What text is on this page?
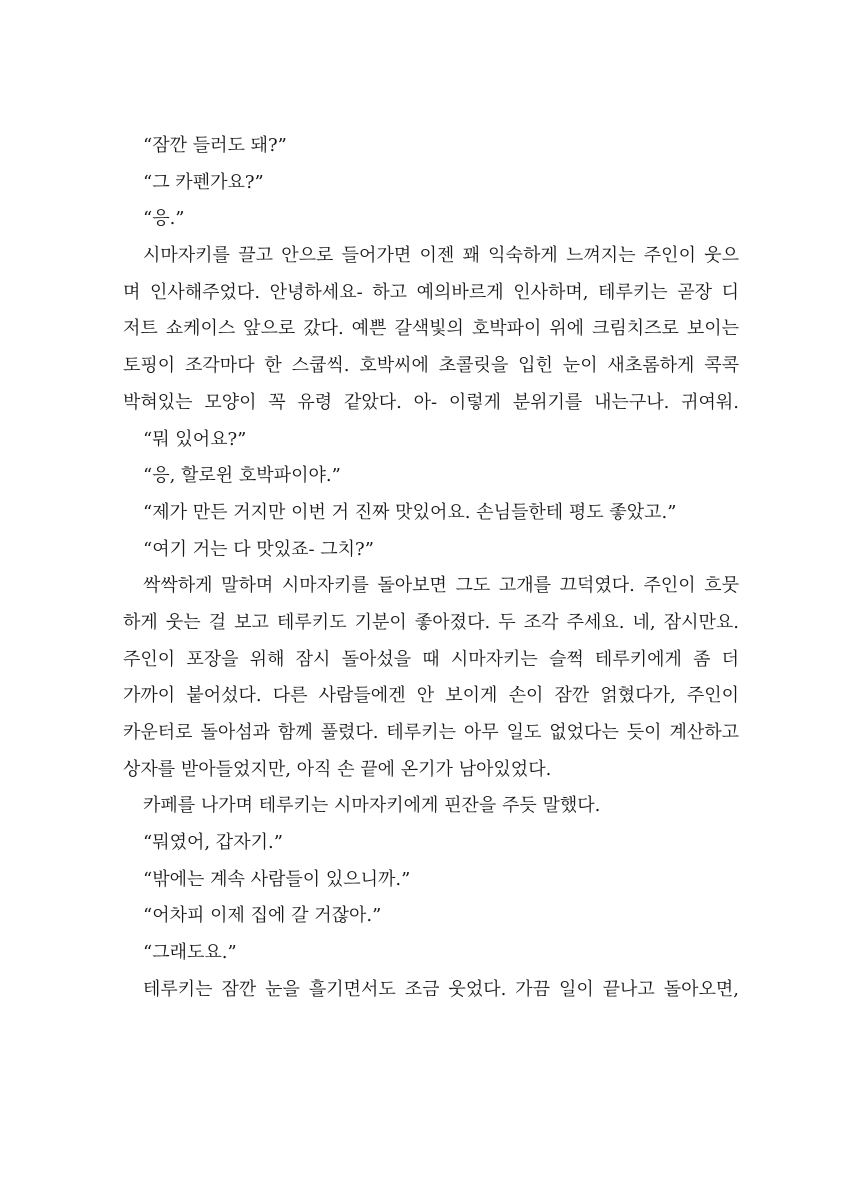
“잠깐 들러도 돼?”
“그 카펜가요?”
“응.”
시마자키를 끌고 안으로 들어가면 이젠 꽤 익숙하게 느껴지는 주인이 웃으
며 인사해주었다. 안녕하세요- 하고 예의바르게 인사하며, 테루키는 곧장 디
저트 쇼케이스 앞으로 갔다. 예쁜 갈색빛의 호박파이 위에 크림치즈로 보이는
토핑이 조각마다 한 스쿱씩. 호박씨에 초콜릿을 입힌 눈이 새초롬하게 콕콕
박혀있는 모양이 꼭 유령 같았다. 아- 이렇게 분위기를 내는구나. 귀여워.
“뭐 있어요?”
“응, 할로윈 호박파이야.”
“제가 만든 거지만 이번 거 진짜 맛있어요. 손님들한테 평도 좋았고.”
“여기 거는 다 맛있죠- 그치?”
싹싹하게 말하며 시마자키를 돌아보면 그도 고개를 끄덕였다. 주인이 흐뭇
하게 웃는 걸 보고 테루키도 기분이 좋아졌다. 두 조각 주세요. 네, 잠시만요.
주인이 포장을 위해 잠시 돌아섰을 때 시마자키는 슬쩍 테루키에게 좀 더
가까이 붙어섰다. 다른 사람들에겐 안 보이게 손이 잠깐 얽혔다가, 주인이
카운터로 돌아섬과 함께 풀렸다. 테루키는 아무 일도 없었다는 듯이 계산하고
상자를 받아들었지만, 아직 손 끝에 온기가 남아있었다.
카페를 나가며 테루키는 시마자키에게 핀잔을 주듯 말했다.
“뭐였어, 갑자기.”
“밖에는 계속 사람들이 있으니까.”
“어차피 이제 집에 갈 거잖아.”
“그래도요.”
테루키는 잠깐 눈을 흘기면서도 조금 웃었다. 가끔 일이 끝나고 돌아오면,
